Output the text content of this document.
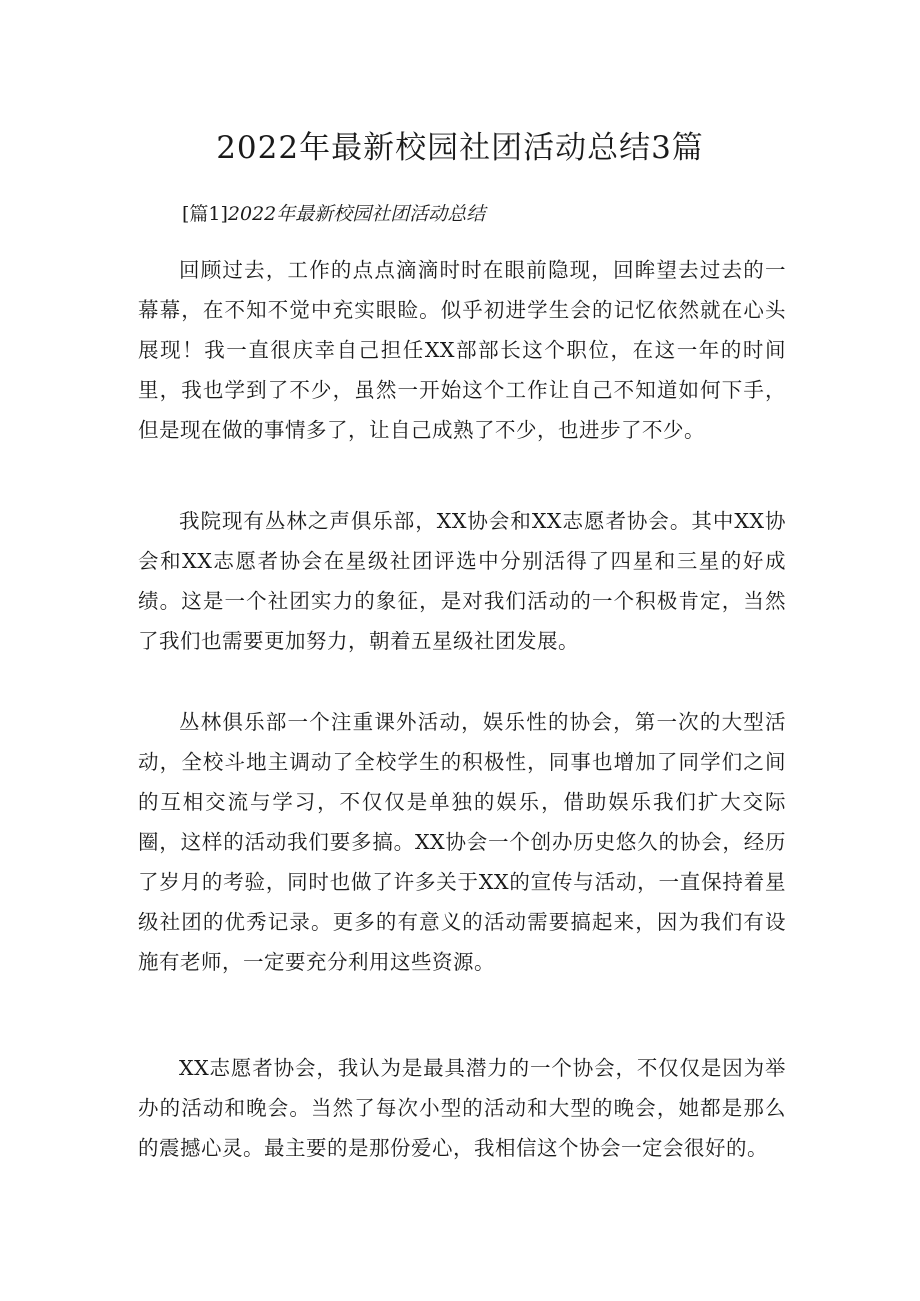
2022年最新校园社团活动总结3篇

[篇1]2022年最新校园社团活动总结

回顾过去，工作的点点滴滴时时在眼前隐现，回眸望去过去的一幕幕，在不知不觉中充实眼睑。似乎初进学生会的记忆依然就在心头展现！我一直很庆幸自己担任XX部部长这个职位，在这一年的时间里，我也学到了不少，虽然一开始这个工作让自己不知道如何下手，但是现在做的事情多了，让自己成熟了不少，也进步了不少。

我院现有丛林之声俱乐部，XX协会和XX志愿者协会。其中XX协会和XX志愿者协会在星级社团评选中分别活得了四星和三星的好成绩。这是一个社团实力的象征，是对我们活动的一个积极肯定，当然了我们也需要更加努力，朝着五星级社团发展。

丛林俱乐部一个注重课外活动，娱乐性的协会，第一次的大型活动，全校斗地主调动了全校学生的积极性，同事也增加了同学们之间的互相交流与学习，不仅仅是单独的娱乐，借助娱乐我们扩大交际圈，这样的活动我们要多搞。XX协会一个创办历史悠久的协会，经历了岁月的考验，同时也做了许多关于XX的宣传与活动，一直保持着星级社团的优秀记录。更多的有意义的活动需要搞起来，因为我们有设施有老师，一定要充分利用这些资源。

XX志愿者协会，我认为是最具潜力的一个协会，不仅仅是因为举办的活动和晚会。当然了每次小型的活动和大型的晚会，她都是那么的震撼心灵。最主要的是那份爱心，我相信这个协会一定会很好的。
